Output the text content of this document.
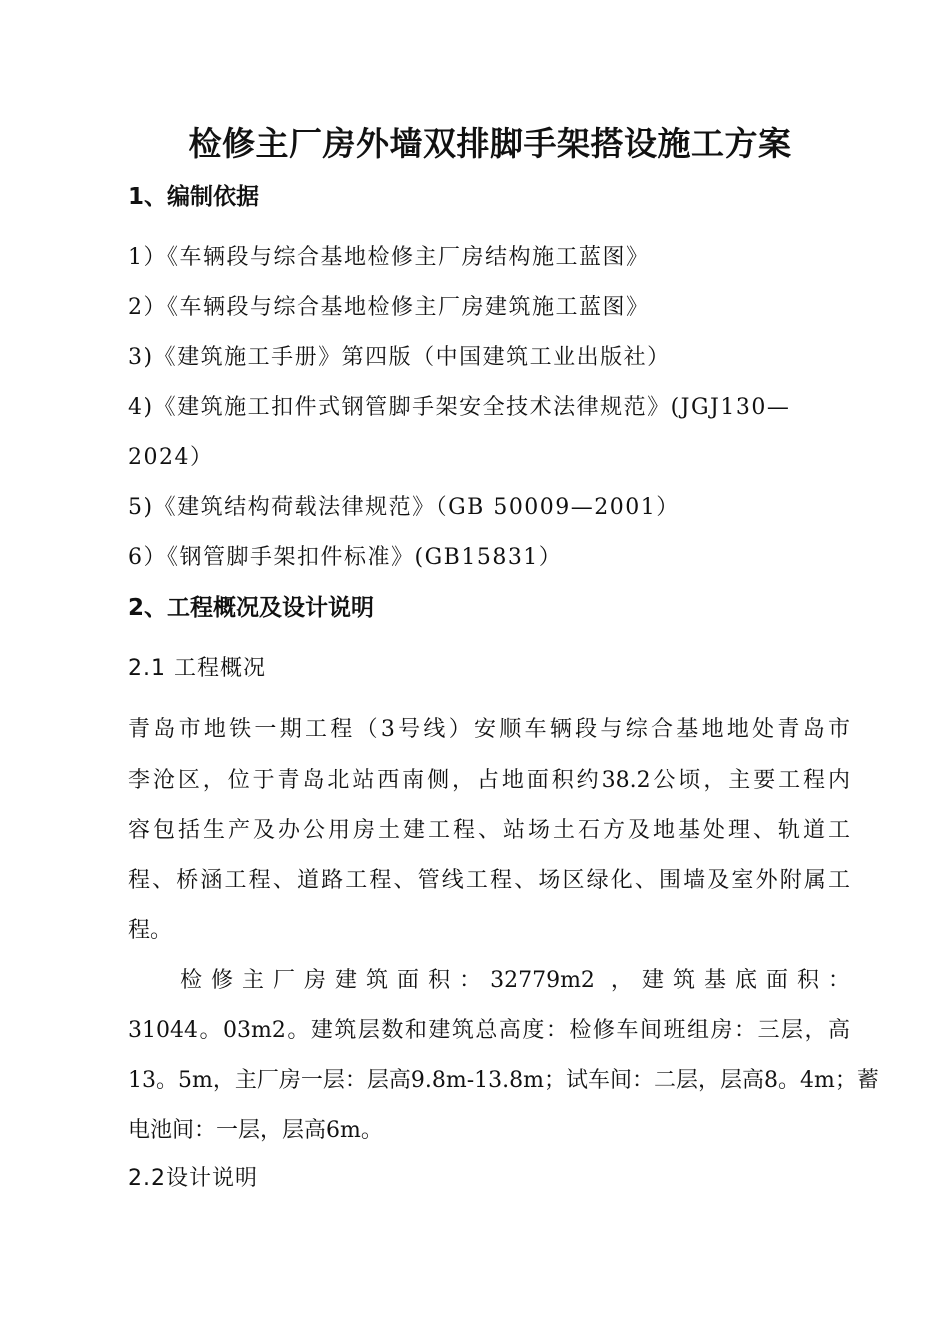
检修主厂房外墙双排脚手架搭设施工方案
1、编制依据
1）《车辆段与综合基地检修主厂房结构施工蓝图》
2）《车辆段与综合基地检修主厂房建筑施工蓝图》
3)《建筑施工手册》第四版（中国建筑工业出版社）
4)《建筑施工扣件式钢管脚手架安全技术法律规范》(JGJ130—
2024）
5)《建筑结构荷载法律规范》（GB 50009—2001）
6）《钢管脚手架扣件标准》(GB15831）
2、工程概况及设计说明
2.1 工程概况
青岛市地铁一期工程（3号线）安顺车辆段与综合基地地处青岛市
李沧区，位于青岛北站西南侧，占地面积约38.2公顷，主要工程内
容包括生产及办公用房土建工程、站场土石方及地基处理、轨道工
程、桥涵工程、道路工程、管线工程、场区绿化、围墙及室外附属工
程。
检修主厂房建筑面积：32779m2 ，建筑基底面积：
31044。03m2。建筑层数和建筑总高度：检修车间班组房：三层，高
13。5m，主厂房一层：层高9.8m-13.8m；试车间：二层，层高8。4m；蓄
电池间：一层，层高6m。
2.2设计说明
